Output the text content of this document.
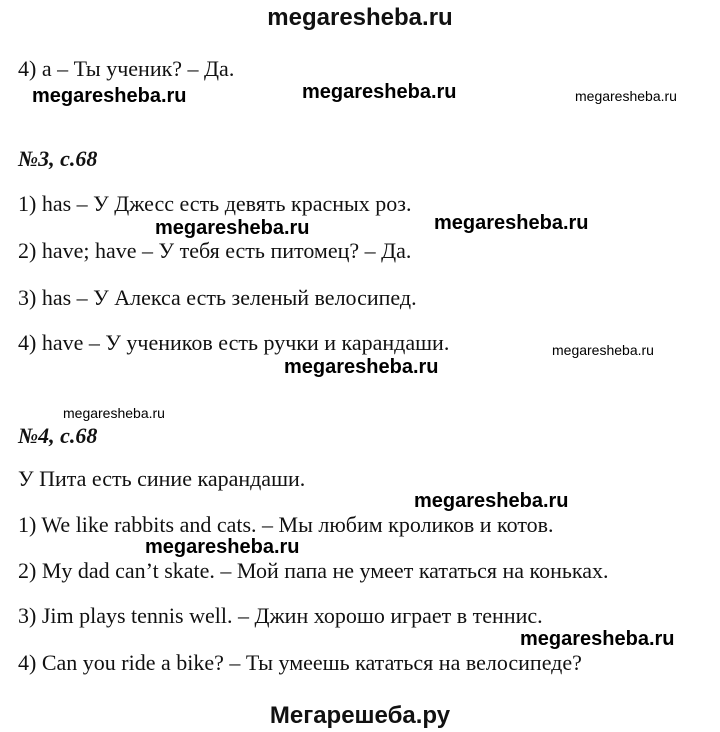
megaresheba.ru
4) a – Ты ученик? – Да.
megaresheba.ru	megaresheba.ru	megaresheba.ru
№3, с.68
1) has – У Джесс есть девять красных роз.
megaresheba.ru	megaresheba.ru
2) have; have – У тебя есть питомец? – Да.
3) has – У Алекса есть зеленый велосипед.
4) have – У учеников есть ручки и карандаши.	megaresheba.ru
megaresheba.ru
megaresheba.ru
№4, с.68
У Пита есть синие карандаши.
megaresheba.ru
1) We like rabbits and cats. – Мы любим кроликов и котов.
megaresheba.ru
2) My dad can’t skate. – Мой папа не умеет кататься на коньках.
3) Jim plays tennis well. – Джин хорошо играет в теннис.
megaresheba.ru
4) Can you ride a bike? – Ты умеешь кататься на велосипеде?
Мегарешеба.ру
